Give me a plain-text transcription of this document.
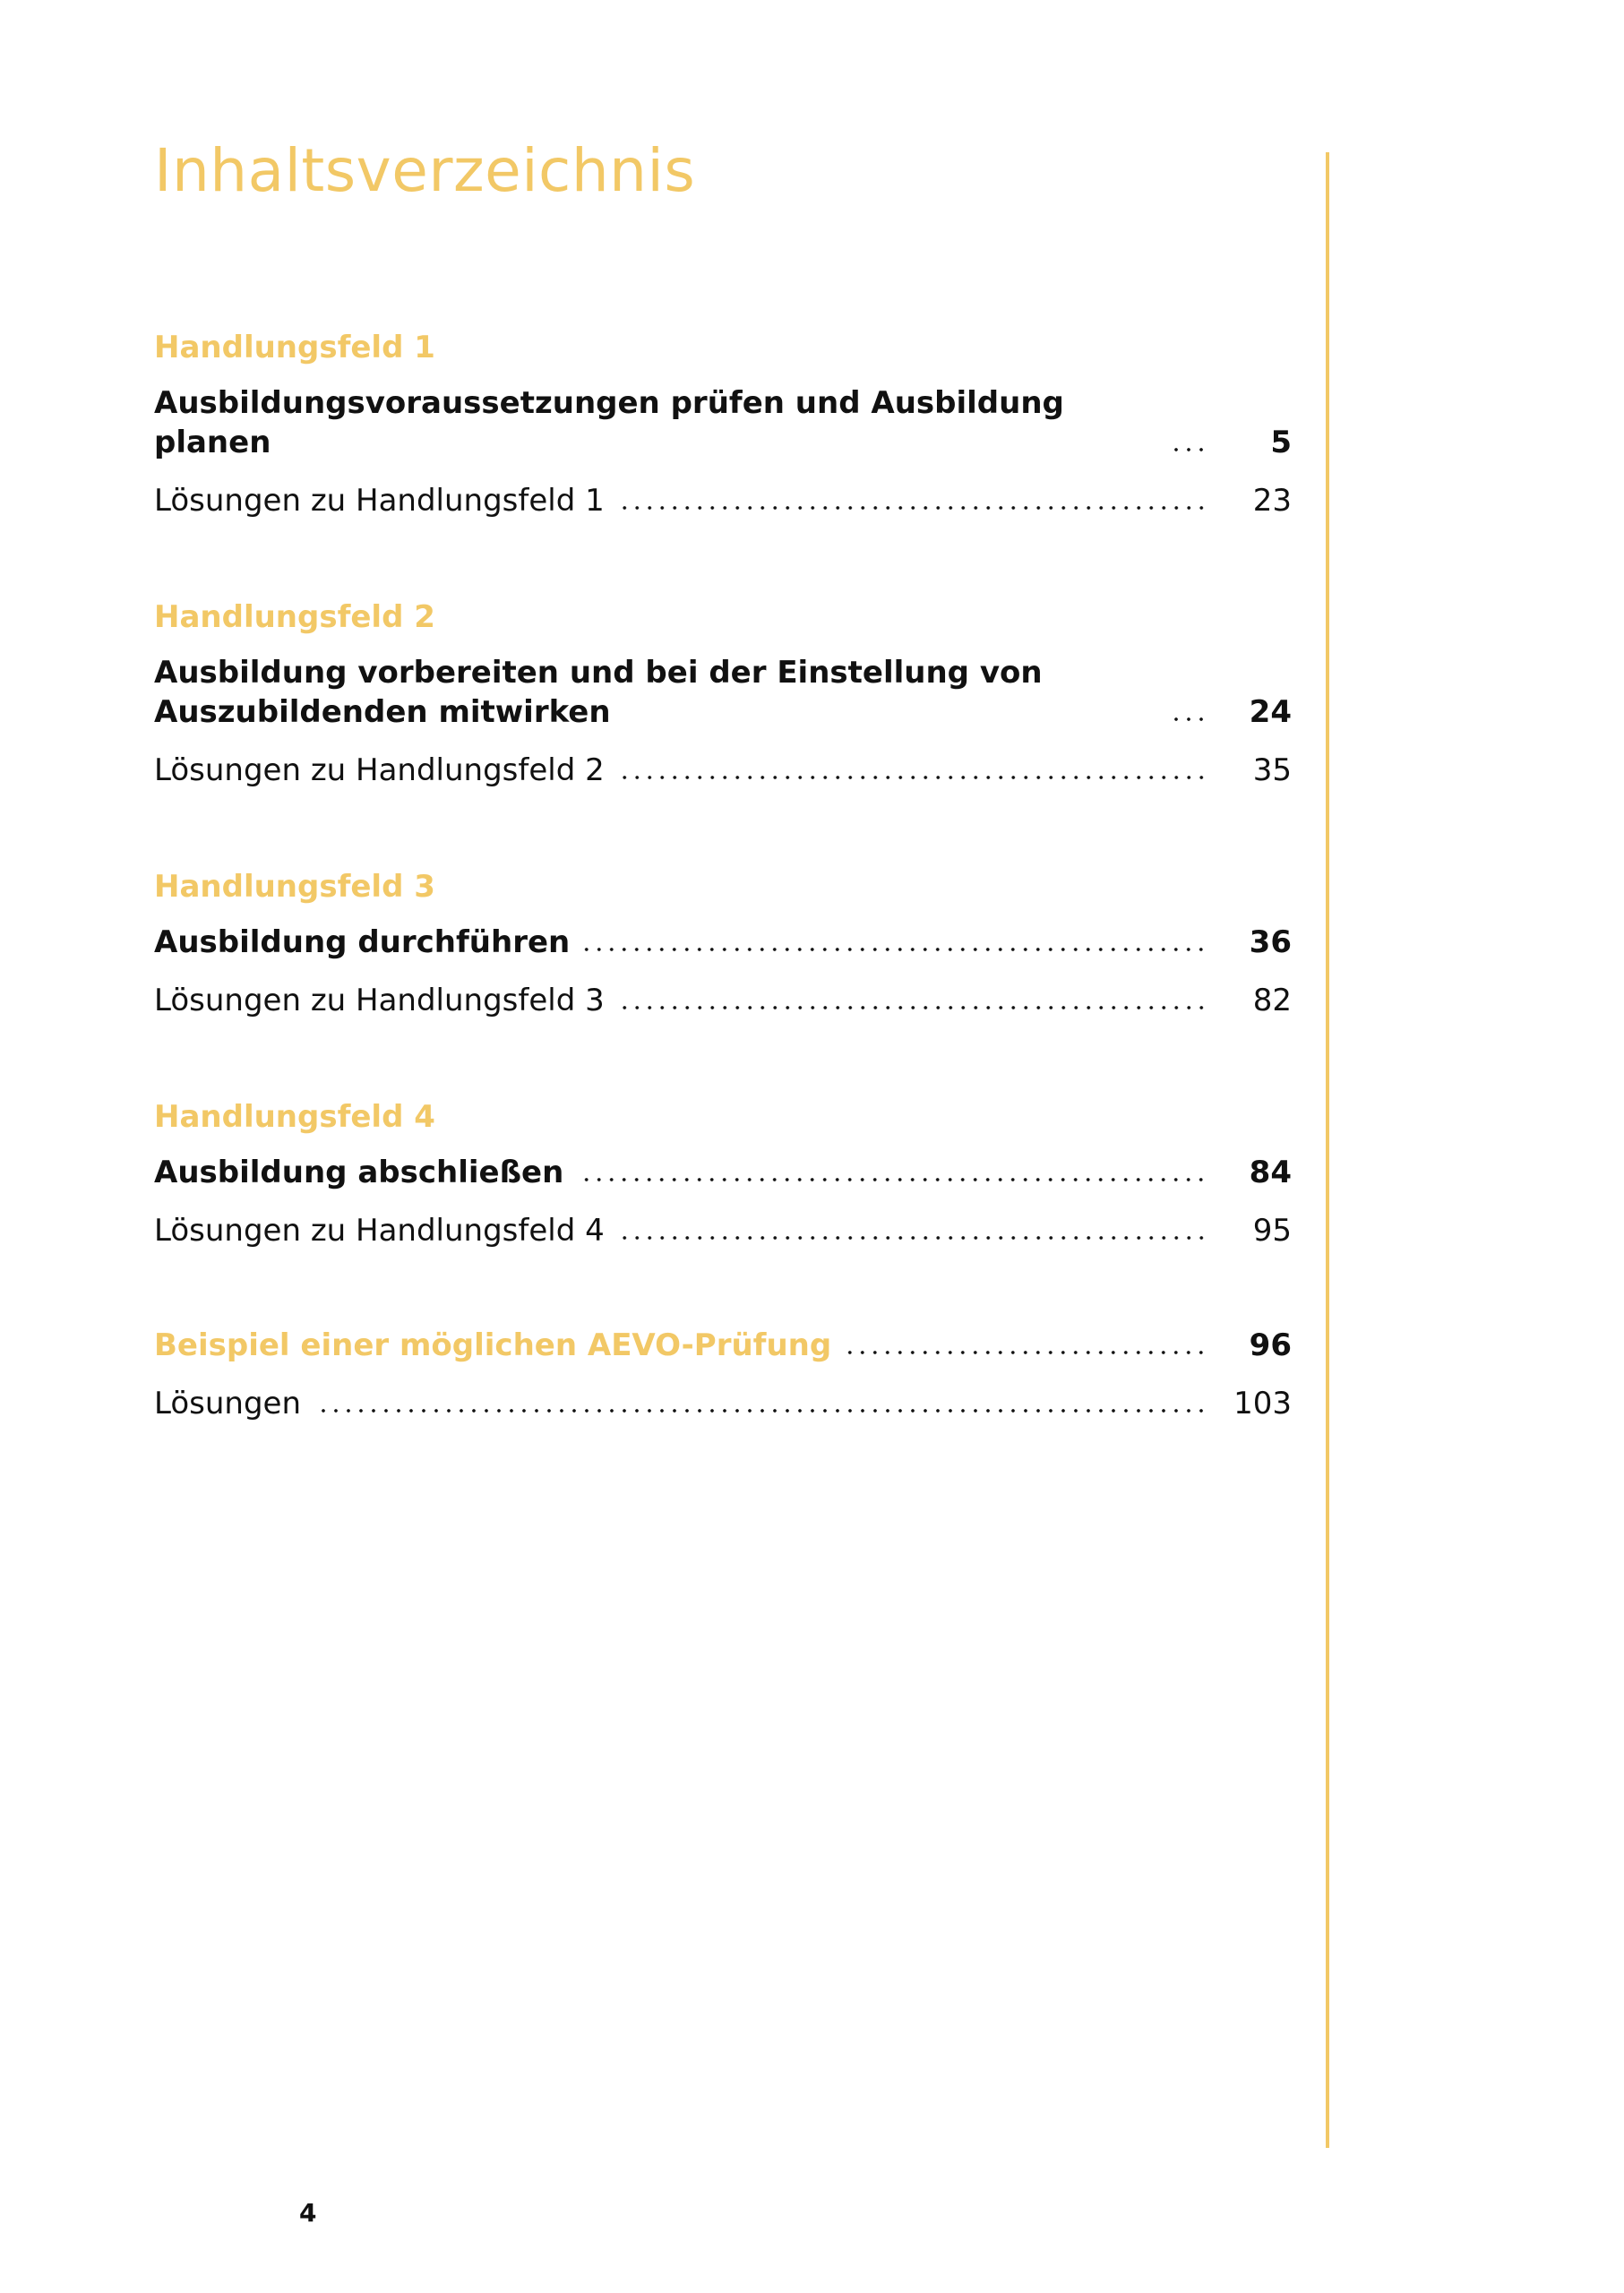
Inhaltsverzeichnis
Handlungsfeld 1
Ausbildungsvoraussetzungen prüfen und Ausbildung planen	5
Lösungen zu Handlungsfeld 1	23
Handlungsfeld 2
Ausbildung vorbereiten und bei der Einstellung von Auszubildenden mitwirken	24
Lösungen zu Handlungsfeld 2	35
Handlungsfeld 3
Ausbildung durchführen	36
Lösungen zu Handlungsfeld 3	82
Handlungsfeld 4
Ausbildung abschließen	84
Lösungen zu Handlungsfeld 4	95
Beispiel einer möglichen AEVO-Prüfung	96
Lösungen	103
4
